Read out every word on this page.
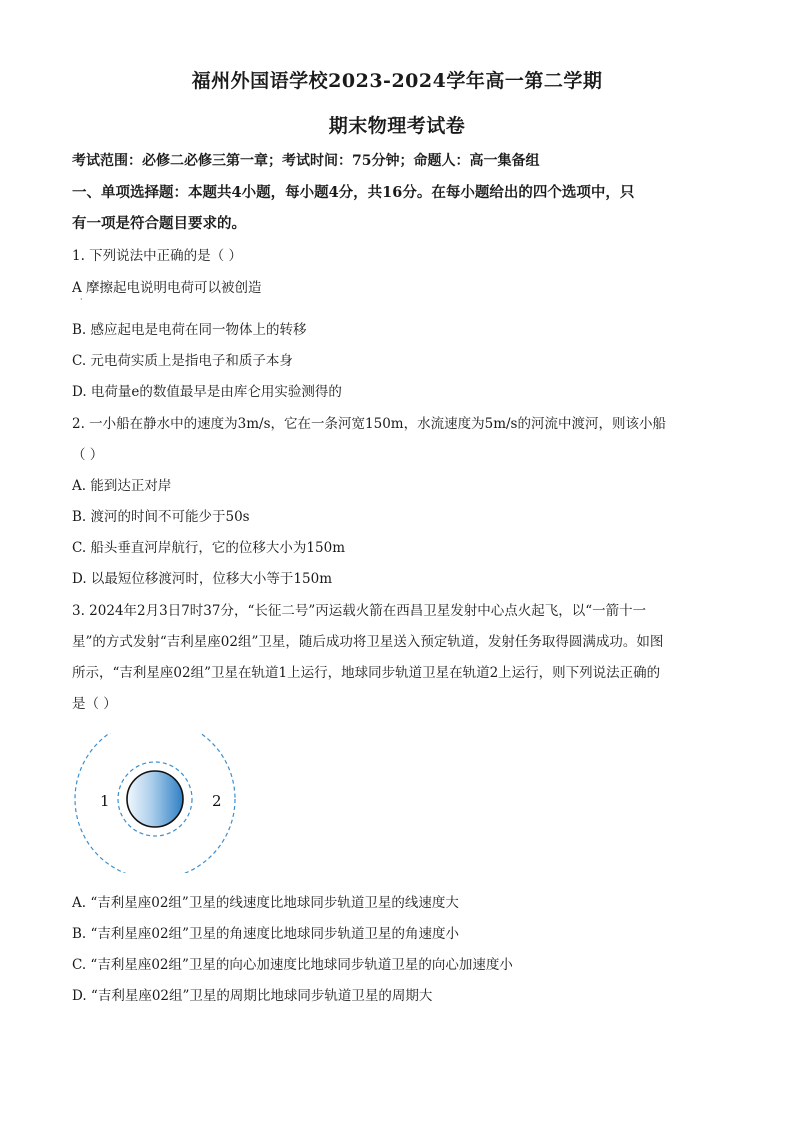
福州外国语学校2023-2024学年高一第二学期
期末物理考试卷
考试范围：必修二必修三第一章；考试时间：75分钟；命题人：高一集备组
一、单项选择题：本题共4小题，每小题4分，共16分。在每小题给出的四个选项中，只
有一项是符合题目要求的。
1. 下列说法中正确的是（ ）
A 摩擦起电说明电荷可以被创造
·
B. 感应起电是电荷在同一物体上的转移
C. 元电荷实质上是指电子和质子本身
D. 电荷量e的数值最早是由库仑用实验测得的
2. 一小船在静水中的速度为3m/s，它在一条河宽150m，水流速度为5m/s的河流中渡河，则该小船
（ ）
A. 能到达正对岸
B. 渡河的时间不可能少于50s
C. 船头垂直河岸航行，它的位移大小为150m
D. 以最短位移渡河时，位移大小等于150m
3. 2024年2月3日7时37分，“长征二号”丙运载火箭在西昌卫星发射中心点火起飞，以“一箭十一
星”的方式发射“吉利星座02组”卫星，随后成功将卫星送入预定轨道，发射任务取得圆满成功。如图
所示，“吉利星座02组”卫星在轨道1上运行，地球同步轨道卫星在轨道2上运行，则下列说法正确的
是（ ）
1	2
A. “吉利星座02组”卫星的线速度比地球同步轨道卫星的线速度大
B. “吉利星座02组”卫星的角速度比地球同步轨道卫星的角速度小
C. “吉利星座02组”卫星的向心加速度比地球同步轨道卫星的向心加速度小
D. “吉利星座02组”卫星的周期比地球同步轨道卫星的周期大
